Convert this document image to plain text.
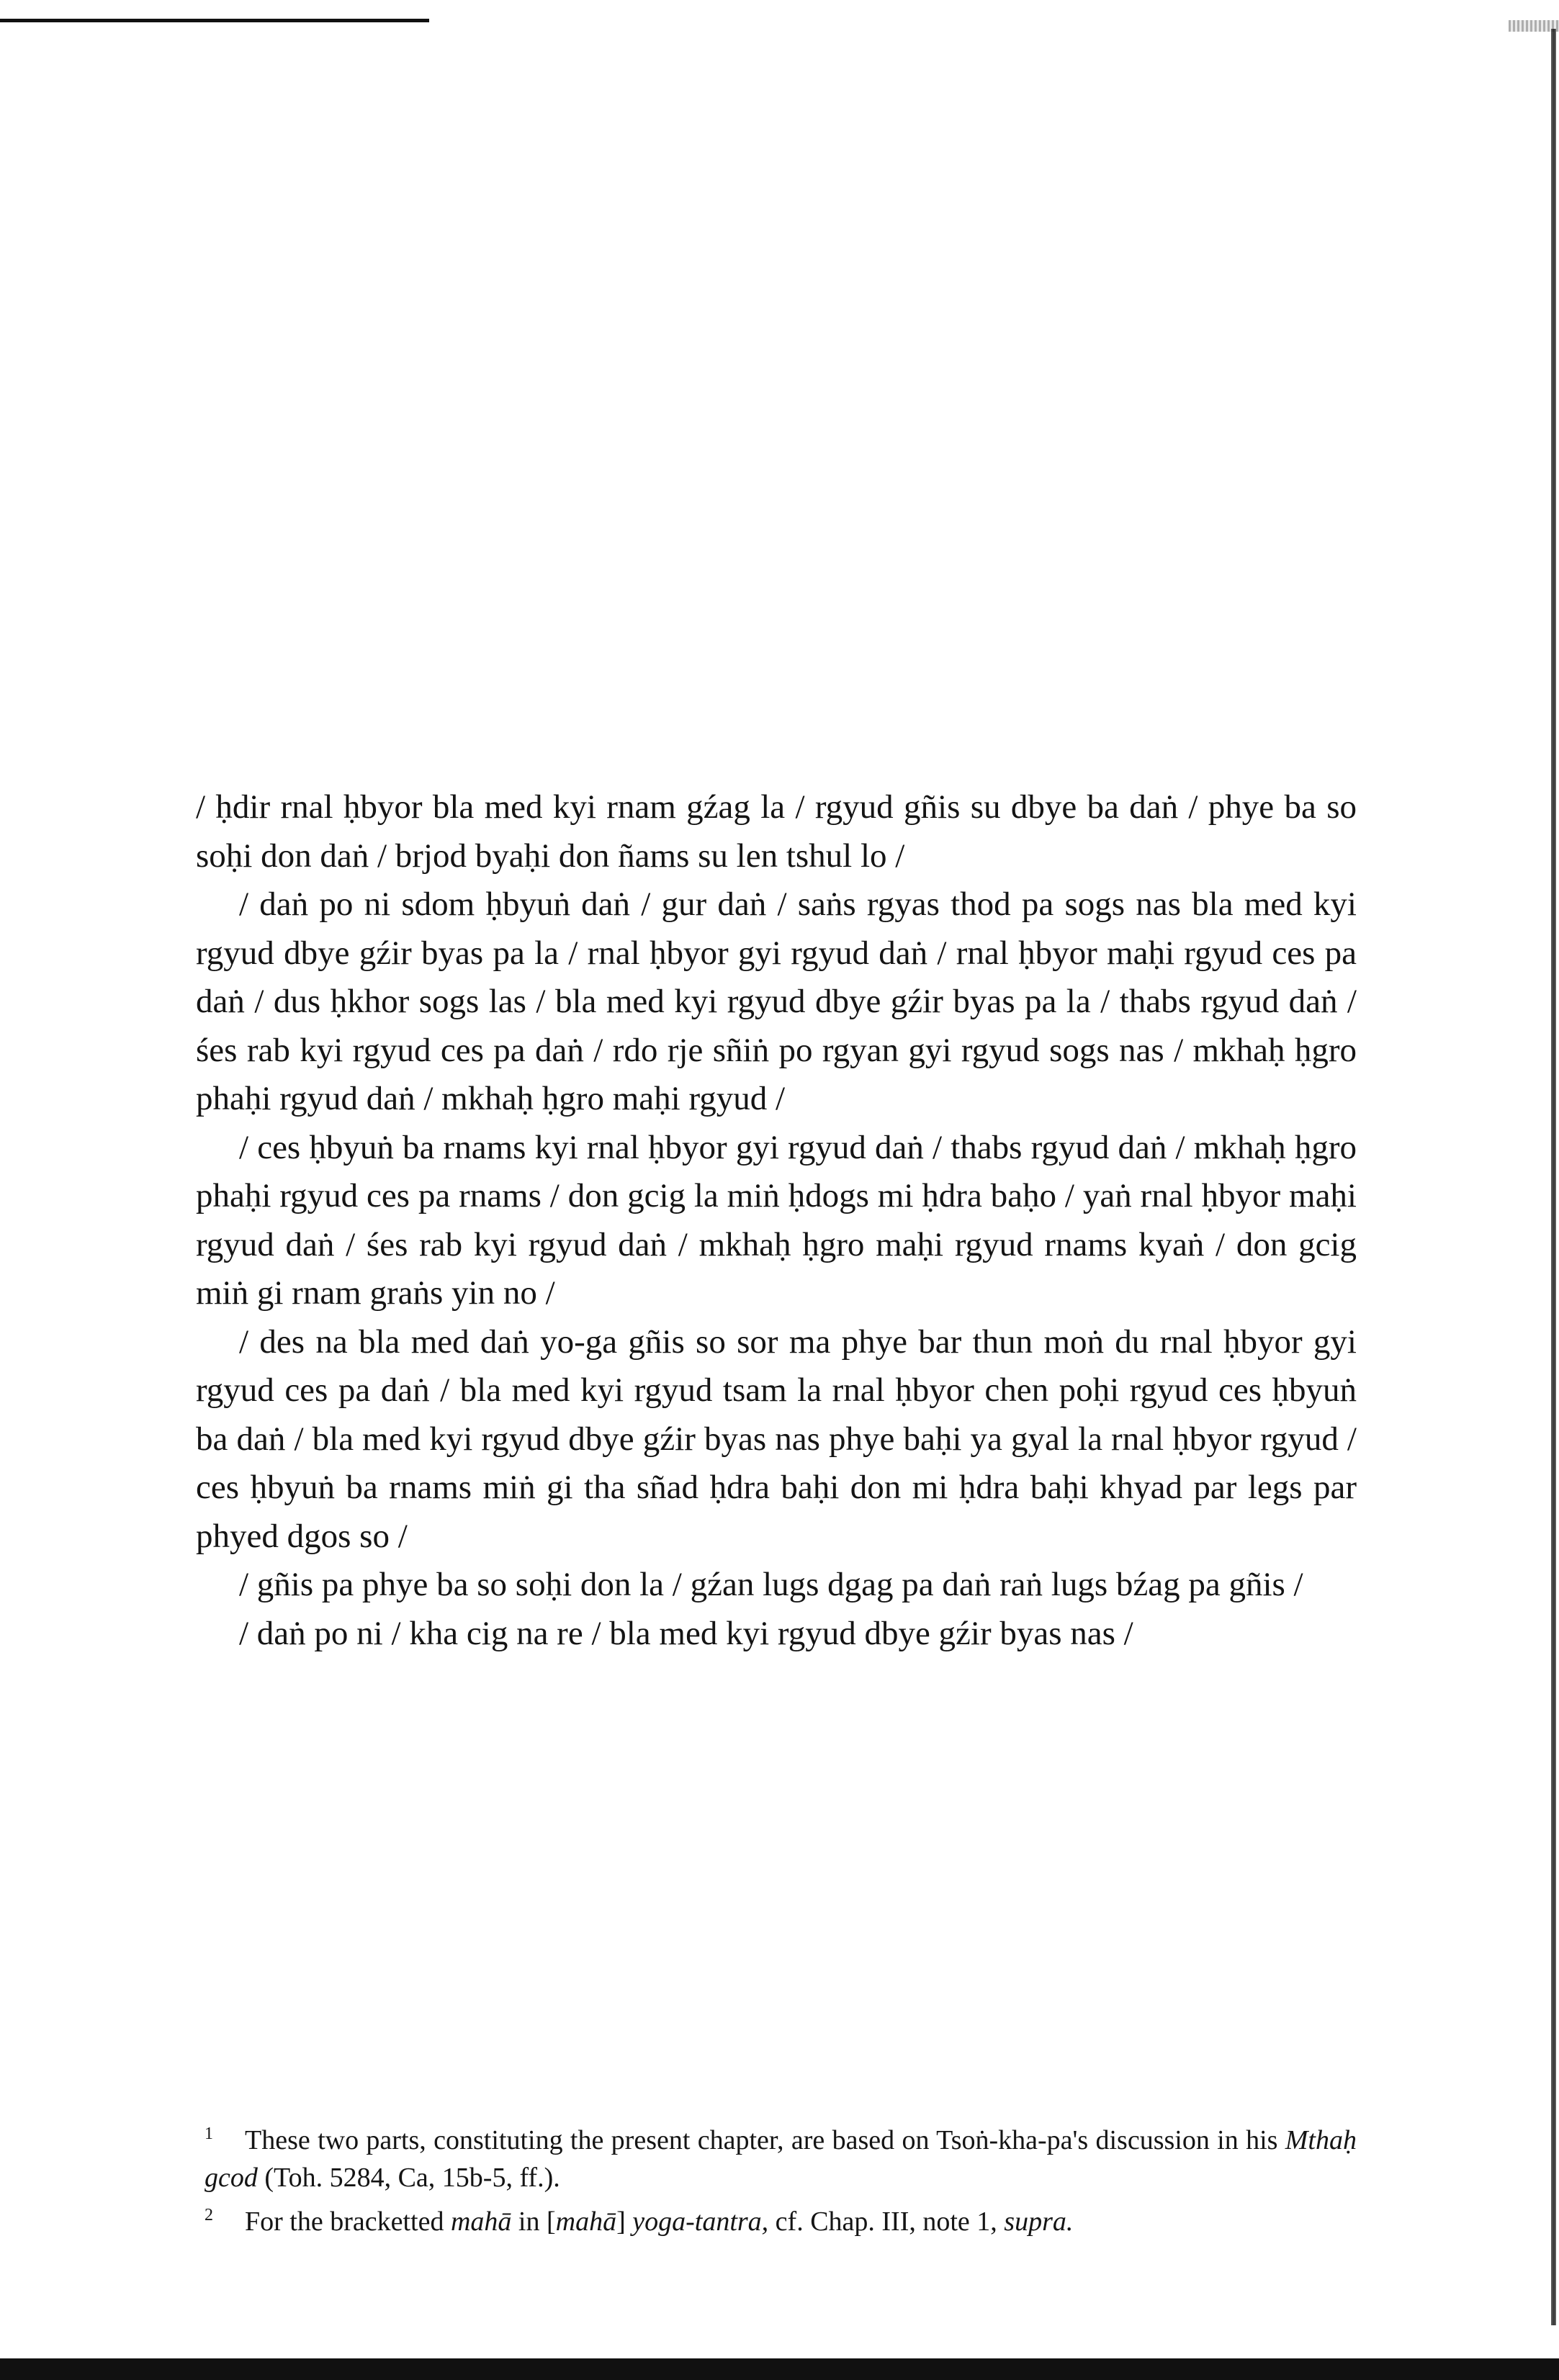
/ ḥdir rnal ḥbyor bla med kyi rnam gźag la / rgyud gñis su dbye ba daṅ / phye ba so soḥi don daṅ / brjod byaḥi don ñams su len tshul lo /

/ daṅ po ni sdom ḥbyuṅ daṅ / gur daṅ / saṅs rgyas thod pa sogs nas bla med kyi rgyud dbye gźir byas pa la / rnal ḥbyor gyi rgyud daṅ / rnal ḥbyor maḥi rgyud ces pa daṅ / dus ḥkhor sogs las / bla med kyi rgyud dbye gźir byas pa la / thabs rgyud daṅ / śes rab kyi rgyud ces pa daṅ / rdo rje sñiṅ po rgyan gyi rgyud sogs nas / mkhaḥ ḥgro phaḥi rgyud daṅ / mkhaḥ ḥgro maḥi rgyud /

/ ces ḥbyuṅ ba rnams kyi rnal ḥbyor gyi rgyud daṅ / thabs rgyud daṅ / mkhaḥ ḥgro phaḥi rgyud ces pa rnams / don gcig la miṅ ḥdogs mi ḥdra baḥo / yaṅ rnal ḥbyor maḥi rgyud daṅ / śes rab kyi rgyud daṅ / mkhaḥ ḥgro maḥi rgyud rnams kyaṅ / don gcig miṅ gi rnam graṅs yin no /

/ des na bla med daṅ yo-ga gñis so sor ma phye bar thun moṅ du rnal ḥbyor gyi rgyud ces pa daṅ / bla med kyi rgyud tsam la rnal ḥbyor chen poḥi rgyud ces ḥbyuṅ ba daṅ / bla med kyi rgyud dbye gźir byas nas phye baḥi ya gyal la rnal ḥbyor rgyud / ces ḥbyuṅ ba rnams miṅ gi tha sñad ḥdra baḥi don mi ḥdra baḥi khyad par legs par phyed dgos so /

/ gñis pa phye ba so soḥi don la / gźan lugs dgag pa daṅ raṅ lugs bźag pa gñis /

/ daṅ po ni / kha cig na re / bla med kyi rgyud dbye gźir byas nas /

1 These two parts, constituting the present chapter, are based on Tsoṅ-kha-pa's discussion in his Mthaḥ gcod (Toh. 5284, Ca, 15b-5, ff.).

2 For the bracketted mahā in [mahā] yoga-tantra, cf. Chap. III, note 1, supra.
